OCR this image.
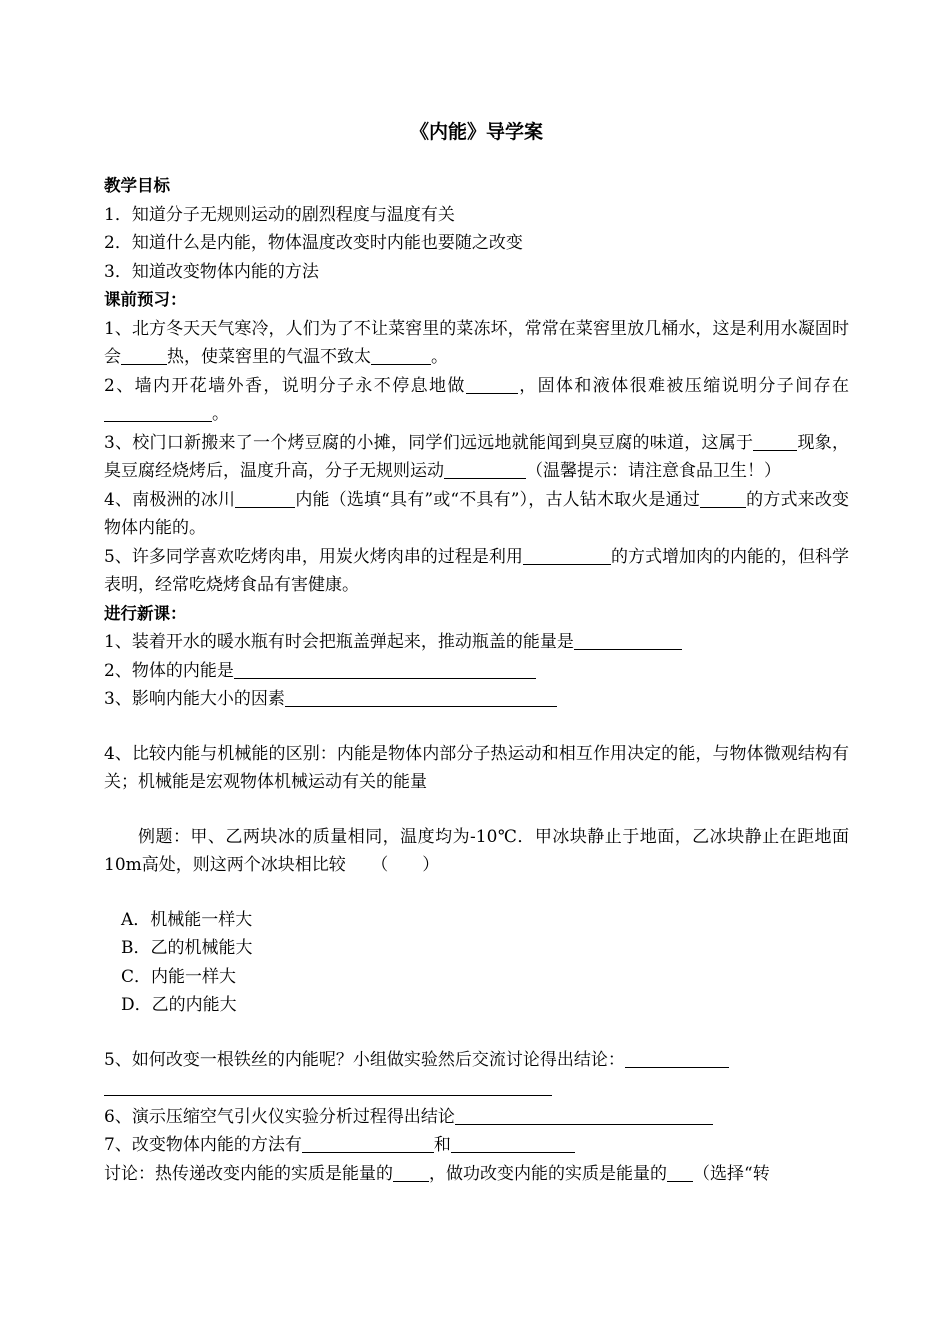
《内能》导学案
教学目标

1．知道分子无规则运动的剧烈程度与温度有关

2．知道什么是内能，物体温度改变时内能也要随之改变

3．知道改变物体内能的方法

课前预习：

1、北方冬天天气寒冷，人们为了不让菜窖里的菜冻坏，常常在菜窖里放几桶水，这是利用水凝固时会	热，使菜窖里的气温不致太	。

2、墙内开花墙外香，说明分子永不停息地做	，固体和液体很难被压缩说明分子间存在。

3、校门口新搬来了一个烤豆腐的小摊，同学们远远地就能闻到臭豆腐的味道，这属于	现象，臭豆腐经烧烤后，温度升高，分子无规则运动	（温馨提示：请注意食品卫生！）

4、南极洲的冰川	内能（选填“具有”或“不具有”），古人钻木取火是通过	的方式来改变物体内能的。

5、许多同学喜欢吃烤肉串，用炭火烤肉串的过程是利用	的方式增加肉的内能的，但科学表明，经常吃烧烤食品有害健康。

进行新课：

1、装着开水的暖水瓶有时会把瓶盖弹起来，推动瓶盖的能量是

2、物体的内能是

3、影响内能大小的因素

4、比较内能与机械能的区别：内能是物体内部分子热运动和相互作用决定的能，与物体微观结构有关；机械能是宏观物体机械运动有关的能量

例题：甲、乙两块冰的质量相同，温度均为-10℃．甲冰块静止于地面，乙冰块静止在距地面10m高处，则这两个冰块相比较　　（　　）

A．机械能一样大

B．乙的机械能大

C．内能一样大

D．乙的内能大

5、如何改变一根铁丝的内能呢？小组做实验然后交流讨论得出结论：

6、演示压缩空气引火仪实验分析过程得出结论

7、改变物体内能的方法有	和

讨论：热传递改变内能的实质是能量的 ，做功改变内能的实质是能量的 （选择“转
